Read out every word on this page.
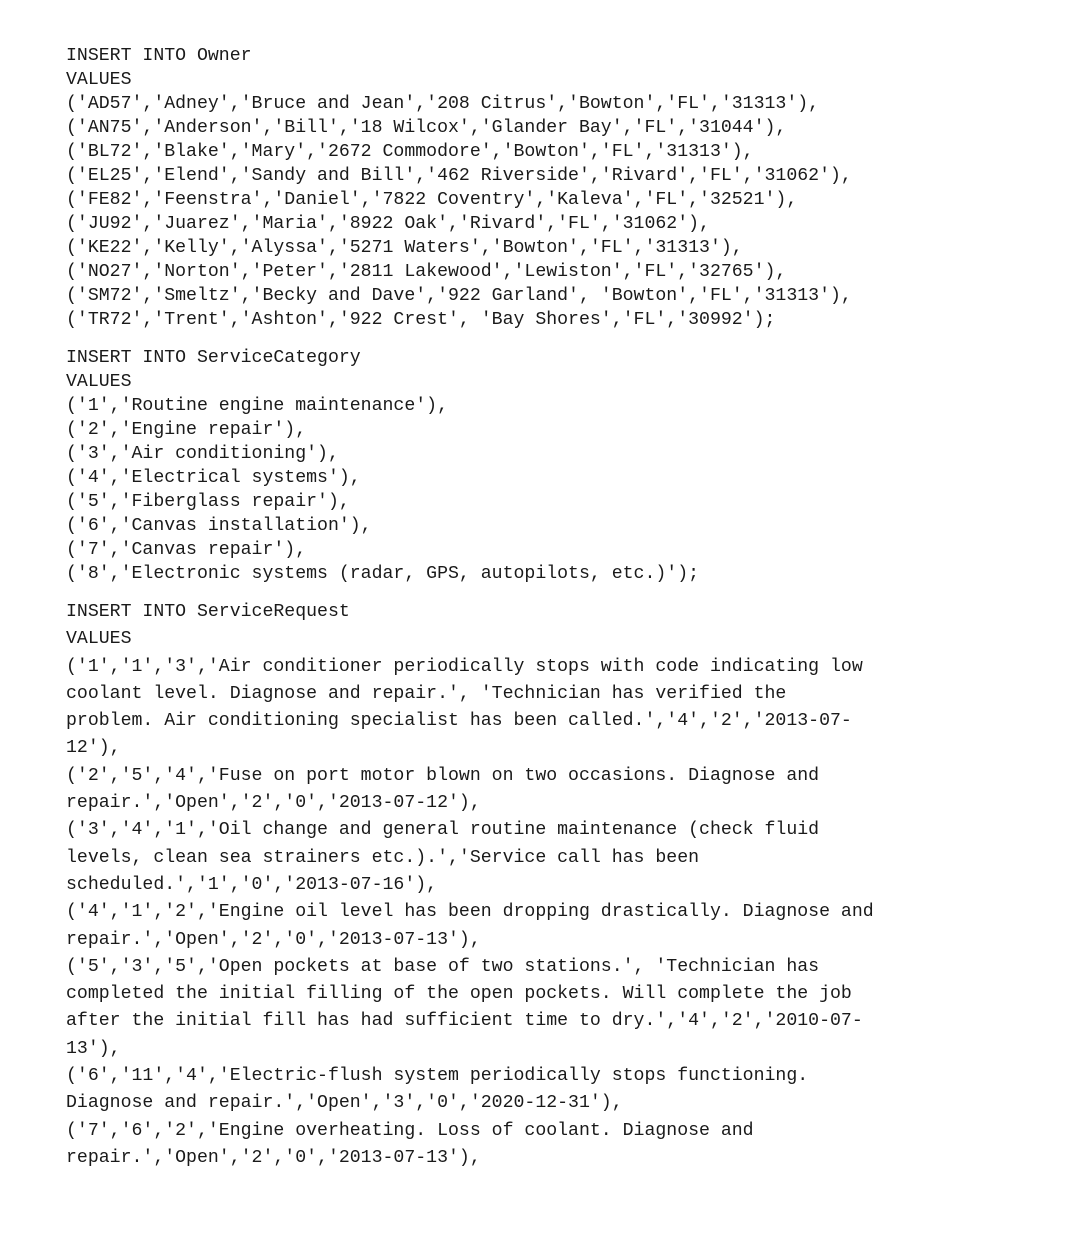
INSERT INTO Owner
VALUES
('AD57','Adney','Bruce and Jean','208 Citrus','Bowton','FL','31313'),
('AN75','Anderson','Bill','18 Wilcox','Glander Bay','FL','31044'),
('BL72','Blake','Mary','2672 Commodore','Bowton','FL','31313'),
('EL25','Elend','Sandy and Bill','462 Riverside','Rivard','FL','31062'),
('FE82','Feenstra','Daniel','7822 Coventry','Kaleva','FL','32521'),
('JU92','Juarez','Maria','8922 Oak','Rivard','FL','31062'),
('KE22','Kelly','Alyssa','5271 Waters','Bowton','FL','31313'),
('NO27','Norton','Peter','2811 Lakewood','Lewiston','FL','32765'),
('SM72','Smeltz','Becky and Dave','922 Garland', 'Bowton','FL','31313'),
('TR72','Trent','Ashton','922 Crest', 'Bay Shores','FL','30992');
INSERT INTO ServiceCategory
VALUES
('1','Routine engine maintenance'),
('2','Engine repair'),
('3','Air conditioning'),
('4','Electrical systems'),
('5','Fiberglass repair'),
('6','Canvas installation'),
('7','Canvas repair'),
('8','Electronic systems (radar, GPS, autopilots, etc.)');
INSERT INTO ServiceRequest
VALUES
('1','1','3','Air conditioner periodically stops with code indicating low
coolant level. Diagnose and repair.', 'Technician has verified the
problem. Air conditioning specialist has been called.','4','2','2013-07-
12'),
('2','5','4','Fuse on port motor blown on two occasions. Diagnose and
repair.','Open','2','0','2013-07-12'),
('3','4','1','Oil change and general routine maintenance (check fluid
levels, clean sea strainers etc.).','Service call has been
scheduled.','1','0','2013-07-16'),
('4','1','2','Engine oil level has been dropping drastically. Diagnose and
repair.','Open','2','0','2013-07-13'),
('5','3','5','Open pockets at base of two stations.', 'Technician has
completed the initial filling of the open pockets. Will complete the job
after the initial fill has had sufficient time to dry.','4','2','2010-07-
13'),
('6','11','4','Electric-flush system periodically stops functioning.
Diagnose and repair.','Open','3','0','2020-12-31'),
('7','6','2','Engine overheating. Loss of coolant. Diagnose and
repair.','Open','2','0','2013-07-13'),
